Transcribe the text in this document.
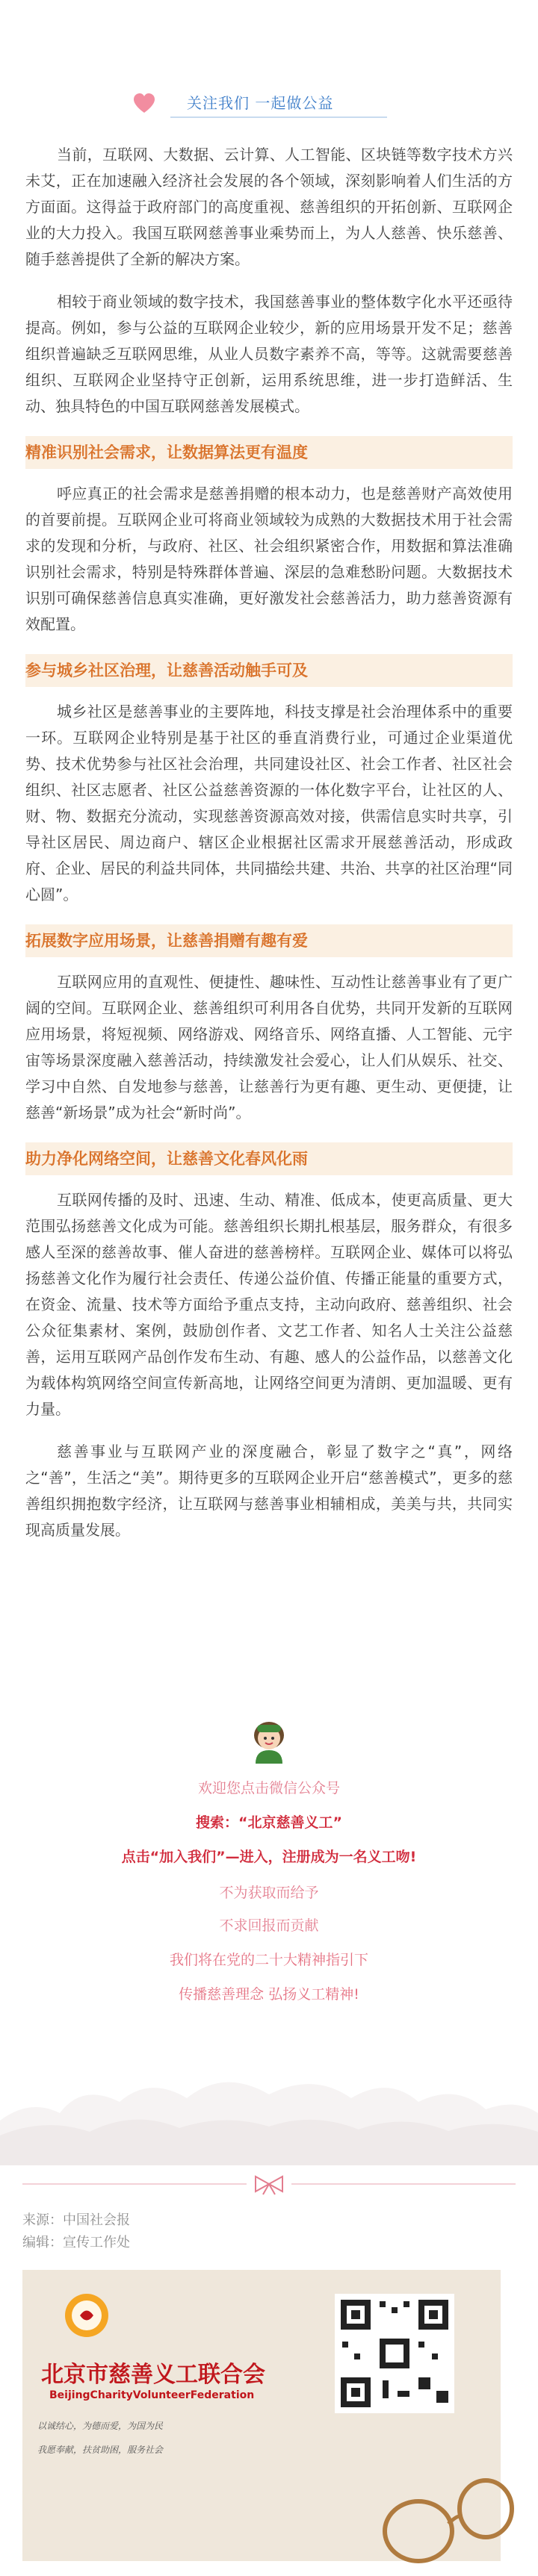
关注我们 一起做公益

当前，互联网、大数据、云计算、人工智能、区块链等数字技术方兴未艾，正在加速融入经济社会发展的各个领域，深刻影响着人们生活的方方面面。这得益于政府部门的高度重视、慈善组织的开拓创新、互联网企业的大力投入。我国互联网慈善事业乘势而上，为人人慈善、快乐慈善、随手慈善提供了全新的解决方案。

相较于商业领域的数字技术，我国慈善事业的整体数字化水平还亟待提高。例如，参与公益的互联网企业较少，新的应用场景开发不足；慈善组织普遍缺乏互联网思维，从业人员数字素养不高，等等。这就需要慈善组织、互联网企业坚持守正创新，运用系统思维，进一步打造鲜活、生动、独具特色的中国互联网慈善发展模式。

精准识别社会需求，让数据算法更有温度

呼应真正的社会需求是慈善捐赠的根本动力，也是慈善财产高效使用的首要前提。互联网企业可将商业领域较为成熟的大数据技术用于社会需求的发现和分析，与政府、社区、社会组织紧密合作，用数据和算法准确识别社会需求，特别是特殊群体普遍、深层的急难愁盼问题。大数据技术识别可确保慈善信息真实准确，更好激发社会慈善活力，助力慈善资源有效配置。

参与城乡社区治理，让慈善活动触手可及

城乡社区是慈善事业的主要阵地，科技支撑是社会治理体系中的重要一环。互联网企业特别是基于社区的垂直消费行业，可通过企业渠道优势、技术优势参与社区社会治理，共同建设社区、社会工作者、社区社会组织、社区志愿者、社区公益慈善资源的一体化数字平台，让社区的人、财、物、数据充分流动，实现慈善资源高效对接，供需信息实时共享，引导社区居民、周边商户、辖区企业根据社区需求开展慈善活动，形成政府、企业、居民的利益共同体，共同描绘共建、共治、共享的社区治理“同心圆”。

拓展数字应用场景，让慈善捐赠有趣有爱

互联网应用的直观性、便捷性、趣味性、互动性让慈善事业有了更广阔的空间。互联网企业、慈善组织可利用各自优势，共同开发新的互联网应用场景，将短视频、网络游戏、网络音乐、网络直播、人工智能、元宇宙等场景深度融入慈善活动，持续激发社会爱心，让人们从娱乐、社交、学习中自然、自发地参与慈善，让慈善行为更有趣、更生动、更便捷，让慈善“新场景”成为社会“新时尚”。

助力净化网络空间，让慈善文化春风化雨

互联网传播的及时、迅速、生动、精准、低成本，使更高质量、更大范围弘扬慈善文化成为可能。慈善组织长期扎根基层，服务群众，有很多感人至深的慈善故事、催人奋进的慈善榜样。互联网企业、媒体可以将弘扬慈善文化作为履行社会责任、传递公益价值、传播正能量的重要方式，在资金、流量、技术等方面给予重点支持，主动向政府、慈善组织、社会公众征集素材、案例，鼓励创作者、文艺工作者、知名人士关注公益慈善，运用互联网产品创作发布生动、有趣、感人的公益作品，以慈善文化为载体构筑网络空间宣传新高地，让网络空间更为清朗、更加温暖、更有力量。

慈善事业与互联网产业的深度融合，彰显了数字之“真”，网络之“善”，生活之“美”。期待更多的互联网企业开启“慈善模式”，更多的慈善组织拥抱数字经济，让互联网与慈善事业相辅相成，美美与共，共同实现高质量发展。

欢迎您点击微信公众号
搜索：“北京慈善义工”
点击“加入我们”—进入，注册成为一名义工吻!
不为获取而给予
不求回报而贡献
我们将在党的二十大精神指引下
传播慈善理念 弘扬义工精神!
来源：中国社会报
编辑：宣传工作处
北京市慈善义工联合会
BeijingCharityVolunteerFederation
以诚结心，为德而爱，为国为民
我愿奉献，扶贫助困，服务社会
